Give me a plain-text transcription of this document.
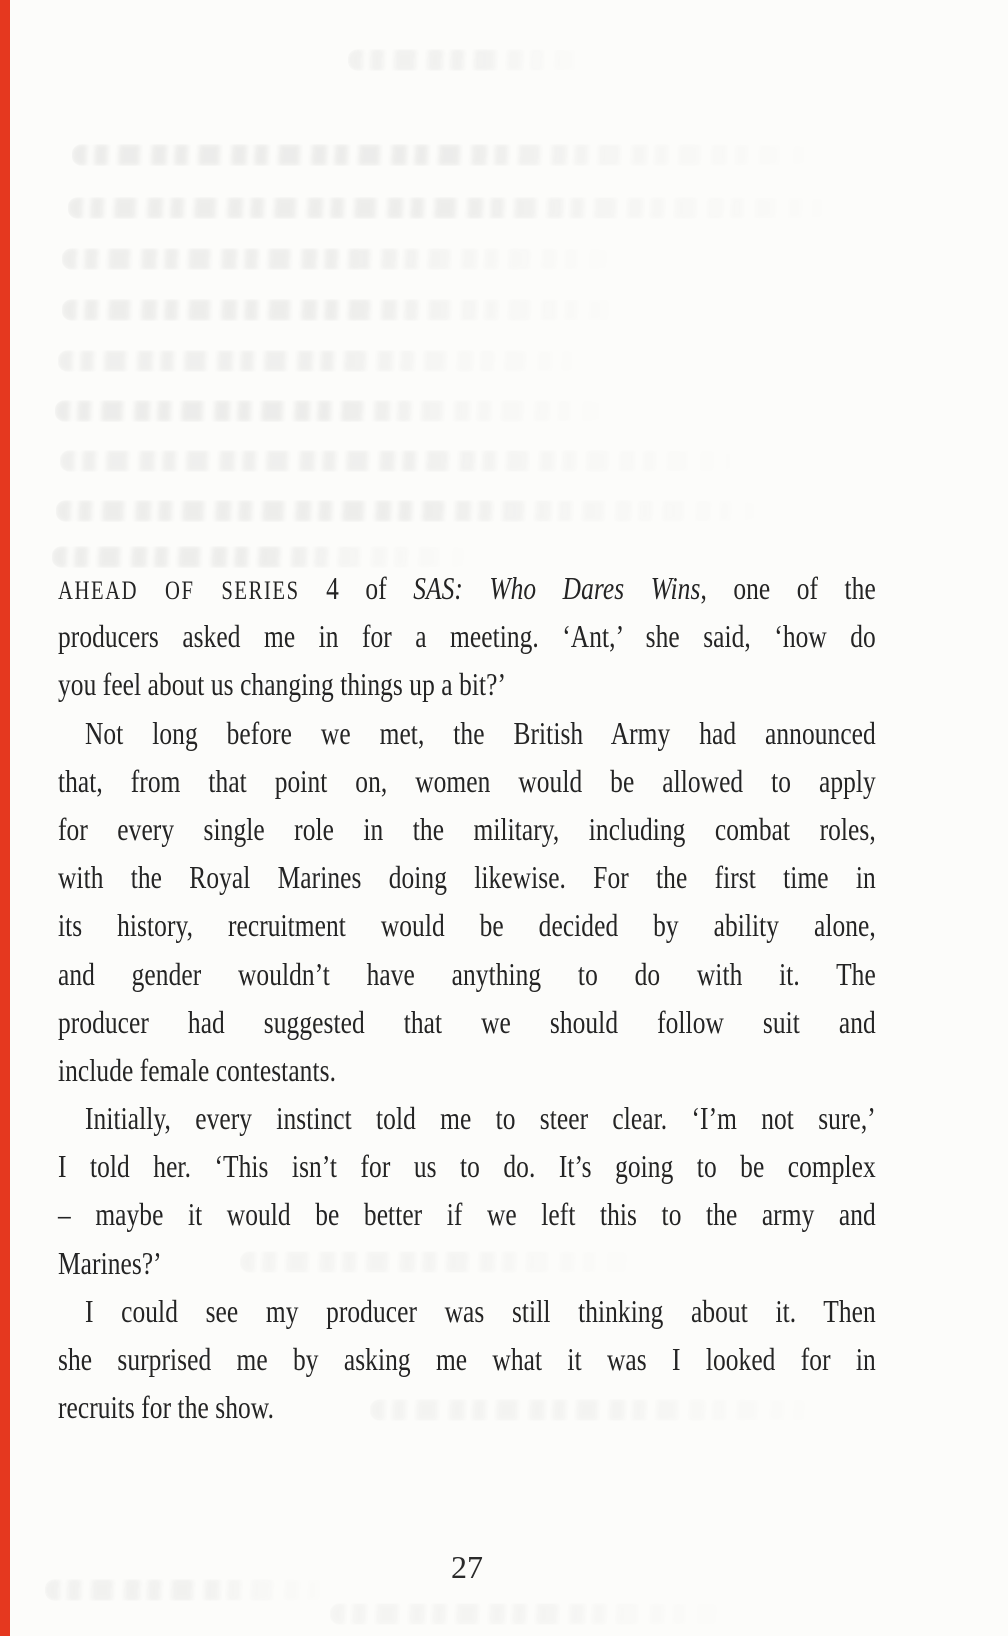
AHEAD OF SERIES 4 of SAS: Who Dares Wins, one of the
producers asked me in for a meeting. ‘Ant,’ she said, ‘how do
you feel about us changing things up a bit?’
Not long before we met, the British Army had announced
that, from that point on, women would be allowed to apply
for every single role in the military, including combat roles,
with the Royal Marines doing likewise. For the first time in
its history, recruitment would be decided by ability alone,
and gender wouldn’t have anything to do with it. The
producer had suggested that we should follow suit and
include female contestants.
Initially, every instinct told me to steer clear. ‘I’m not sure,’
I told her. ‘This isn’t for us to do. It’s going to be complex
– maybe it would be better if we left this to the army and
Marines?’
I could see my producer was still thinking about it. Then
she surprised me by asking me what it was I looked for in
recruits for the show.
27
